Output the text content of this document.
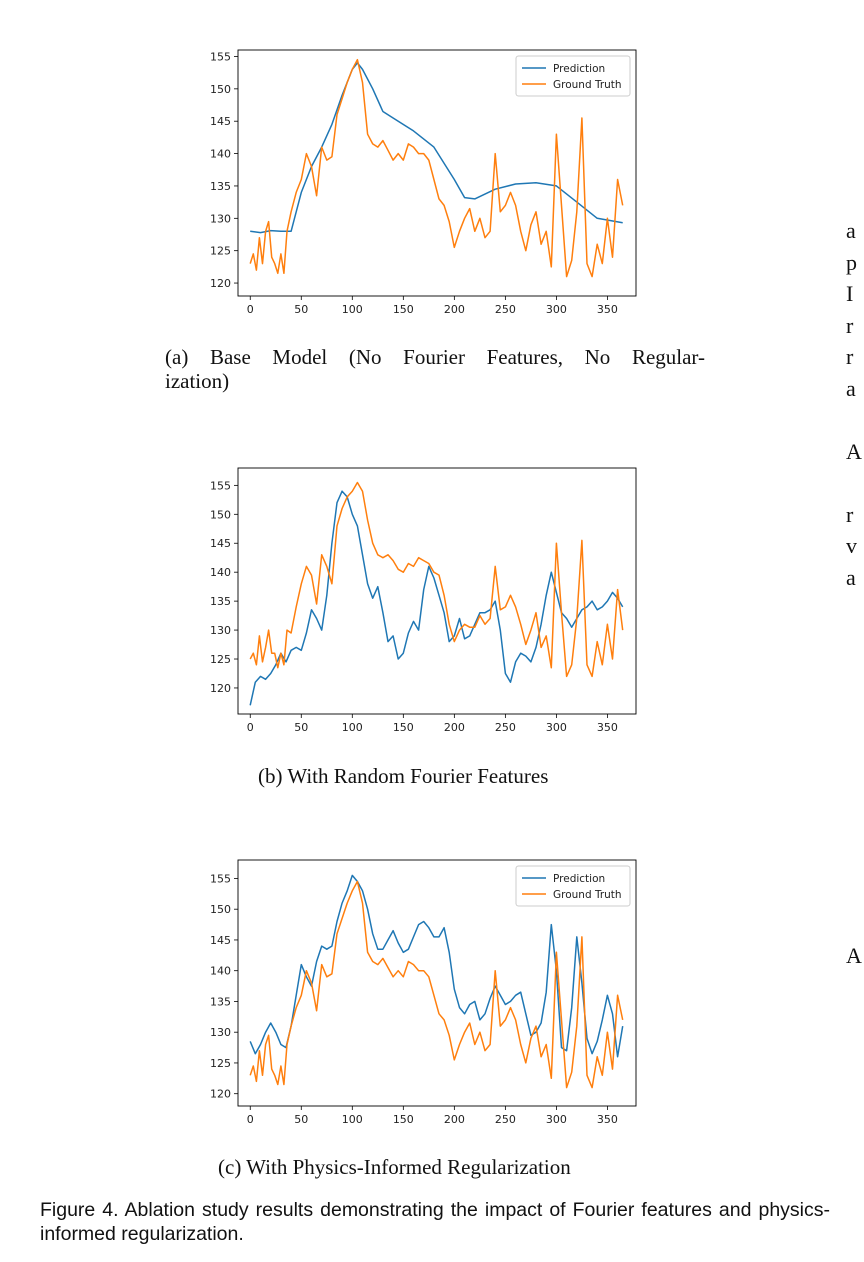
0	50	100	150	200	250	300	350
120
125
130
135
140
145
150
155
Prediction
Ground Truth
(a) Base Model (No Fourier Features, No Regular-
ization)
0	50	100	150	200	250	300	350
120
125
130
135
140
145
150
155
(b) With Random Fourier Features
0	50	100	150	200	250	300	350
120
125
130
135
140
145
150
155	Prediction
Ground Truth
(c) With Physics-Informed Regularization
Figure 4. Ablation study results demonstrating the impact of Fourier features and physics-informed regularization.
a
p
I
r
r
a
A
r
v
a
A
